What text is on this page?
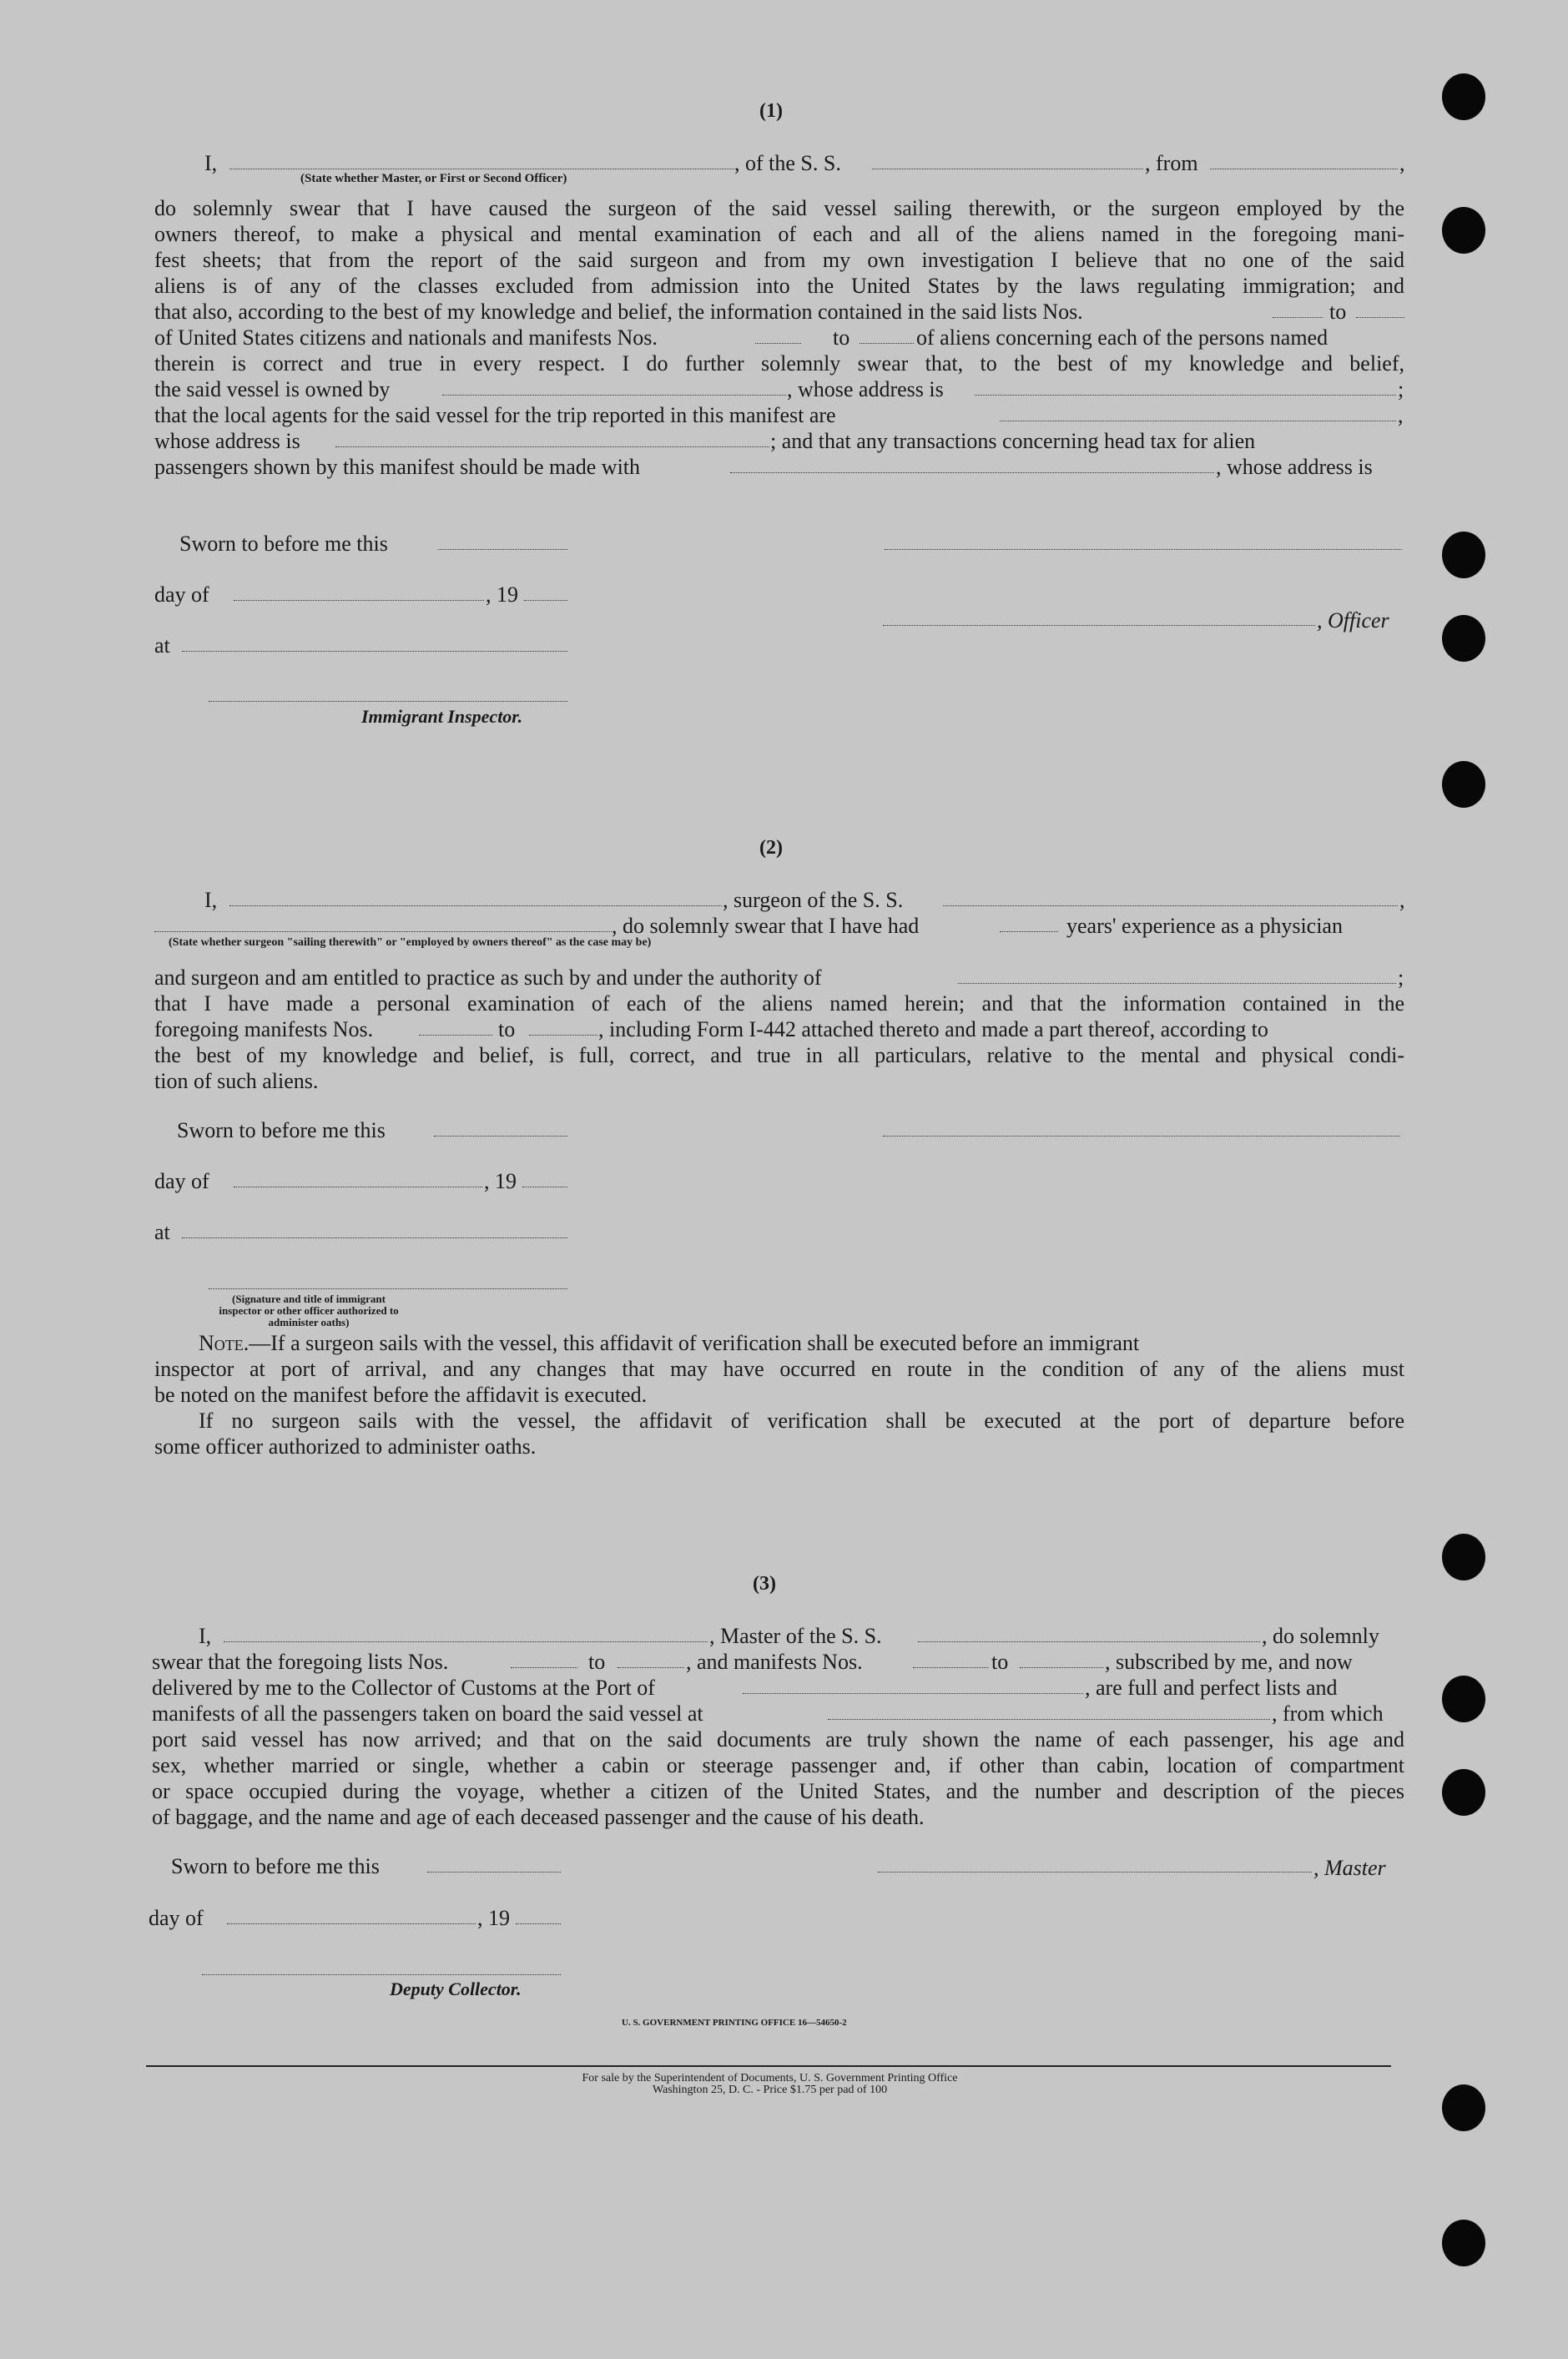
(1)
I,	, of the S. S.	, from	,
(State whether Master, or First or Second Officer)
do solemnly swear that I have caused the surgeon of the said vessel sailing therewith, or the surgeon employed by the
owners thereof, to make a physical and mental examination of each and all of the aliens named in the foregoing mani-
fest sheets; that from the report of the said surgeon and from my own investigation I believe that no one of the said
aliens is of any of the classes excluded from admission into the United States by the laws regulating immigration; and
that also, according to the best of my knowledge and belief, the information contained in the said lists Nos.	to
of United States citizens and nationals and manifests Nos.	to	of aliens concerning each of the persons named
therein is correct and true in every respect. I do further solemnly swear that, to the best of my knowledge and belief,
the said vessel is owned by	, whose address is	;
that the local agents for the said vessel for the trip reported in this manifest are	,
whose address is	; and that any transactions concerning head tax for alien
passengers shown by this manifest should be made with	, whose address is
Sworn to before me this
day of	, 19
, Officer
at
Immigrant Inspector.
(2)
I,	, surgeon of the S. S.	,
, do solemnly swear that I have had	years' experience as a physician
(State whether surgeon "sailing therewith" or "employed by owners thereof" as the case may be)
and surgeon and am entitled to practice as such by and under the authority of	;
that I have made a personal examination of each of the aliens named herein; and that the information contained in the
foregoing manifests Nos.	to	, including Form I-442 attached thereto and made a part thereof, according to
the best of my knowledge and belief, is full, correct, and true in all particulars, relative to the mental and physical condi-
tion of such aliens.
Sworn to before me this
day of	, 19
at
(Signature and title of immigrant inspector or other officer authorized to administer oaths)
Note.—If a surgeon sails with the vessel, this affidavit of verification shall be executed before an immigrant
inspector at port of arrival, and any changes that may have occurred en route in the condition of any of the aliens must
be noted on the manifest before the affidavit is executed.
If no surgeon sails with the vessel, the affidavit of verification shall be executed at the port of departure before
some officer authorized to administer oaths.
(3)
I,	, Master of the S. S.	, do solemnly
swear that the foregoing lists Nos.	to	, and manifests Nos.	to	, subscribed by me, and now
delivered by me to the Collector of Customs at the Port of	, are full and perfect lists and
manifests of all the passengers taken on board the said vessel at	, from which
port said vessel has now arrived; and that on the said documents are truly shown the name of each passenger, his age and
sex, whether married or single, whether a cabin or steerage passenger and, if other than cabin, location of compartment
or space occupied during the voyage, whether a citizen of the United States, and the number and description of the pieces
of baggage, and the name and age of each deceased passenger and the cause of his death.
Sworn to before me this	, Master
day of	, 19
Deputy Collector.
U. S. GOVERNMENT PRINTING OFFICE 16—54650-2
For sale by the Superintendent of Documents, U. S. Government Printing Office
Washington 25, D. C. - Price $1.75 per pad of 100
